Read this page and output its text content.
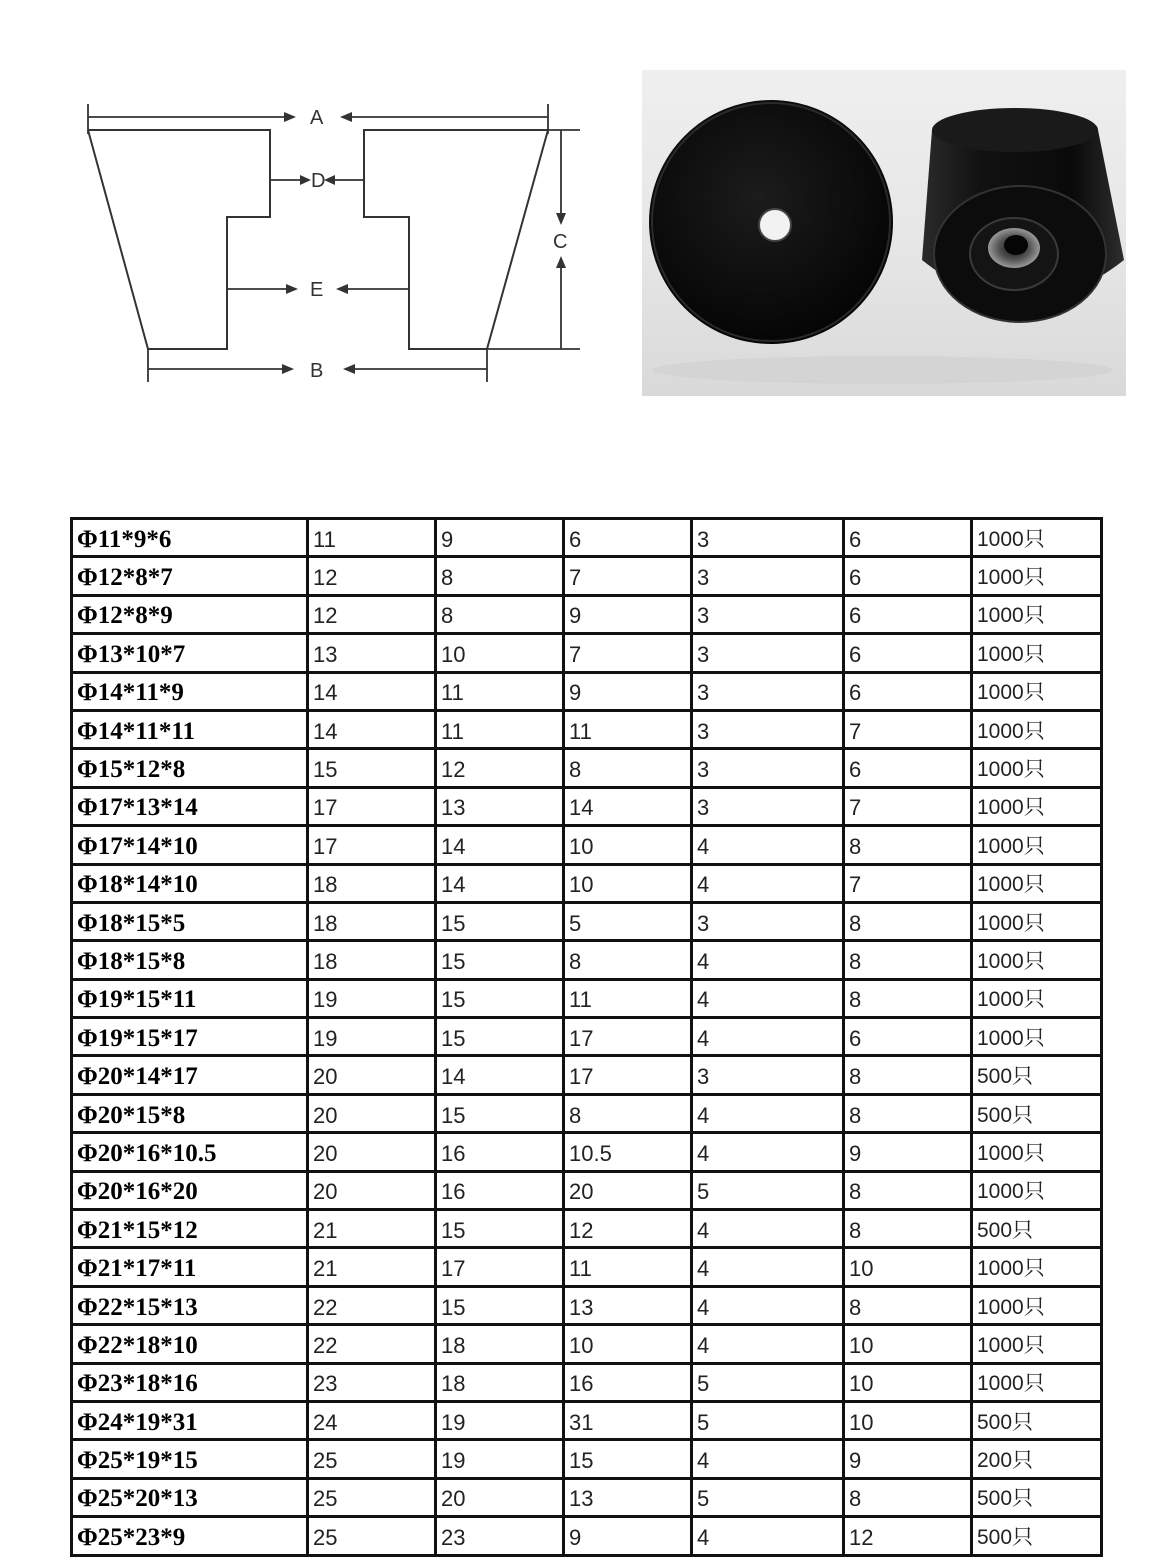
A
D
E
B
C
Φ11*9*6	11	9	6	3	6	1000只
Φ12*8*7	12	8	7	3	6	1000只
Φ12*8*9	12	8	9	3	6	1000只
Φ13*10*7	13	10	7	3	6	1000只
Φ14*11*9	14	11	9	3	6	1000只
Φ14*11*11	14	11	11	3	7	1000只
Φ15*12*8	15	12	8	3	6	1000只
Φ17*13*14	17	13	14	3	7	1000只
Φ17*14*10	17	14	10	4	8	1000只
Φ18*14*10	18	14	10	4	7	1000只
Φ18*15*5	18	15	5	3	8	1000只
Φ18*15*8	18	15	8	4	8	1000只
Φ19*15*11	19	15	11	4	8	1000只
Φ19*15*17	19	15	17	4	6	1000只
Φ20*14*17	20	14	17	3	8	500只
Φ20*15*8	20	15	8	4	8	500只
Φ20*16*10.5	20	16	10.5	4	9	1000只
Φ20*16*20	20	16	20	5	8	1000只
Φ21*15*12	21	15	12	4	8	500只
Φ21*17*11	21	17	11	4	10	1000只
Φ22*15*13	22	15	13	4	8	1000只
Φ22*18*10	22	18	10	4	10	1000只
Φ23*18*16	23	18	16	5	10	1000只
Φ24*19*31	24	19	31	5	10	500只
Φ25*19*15	25	19	15	4	9	200只
Φ25*20*13	25	20	13	5	8	500只
Φ25*23*9	25	23	9	4	12	500只
